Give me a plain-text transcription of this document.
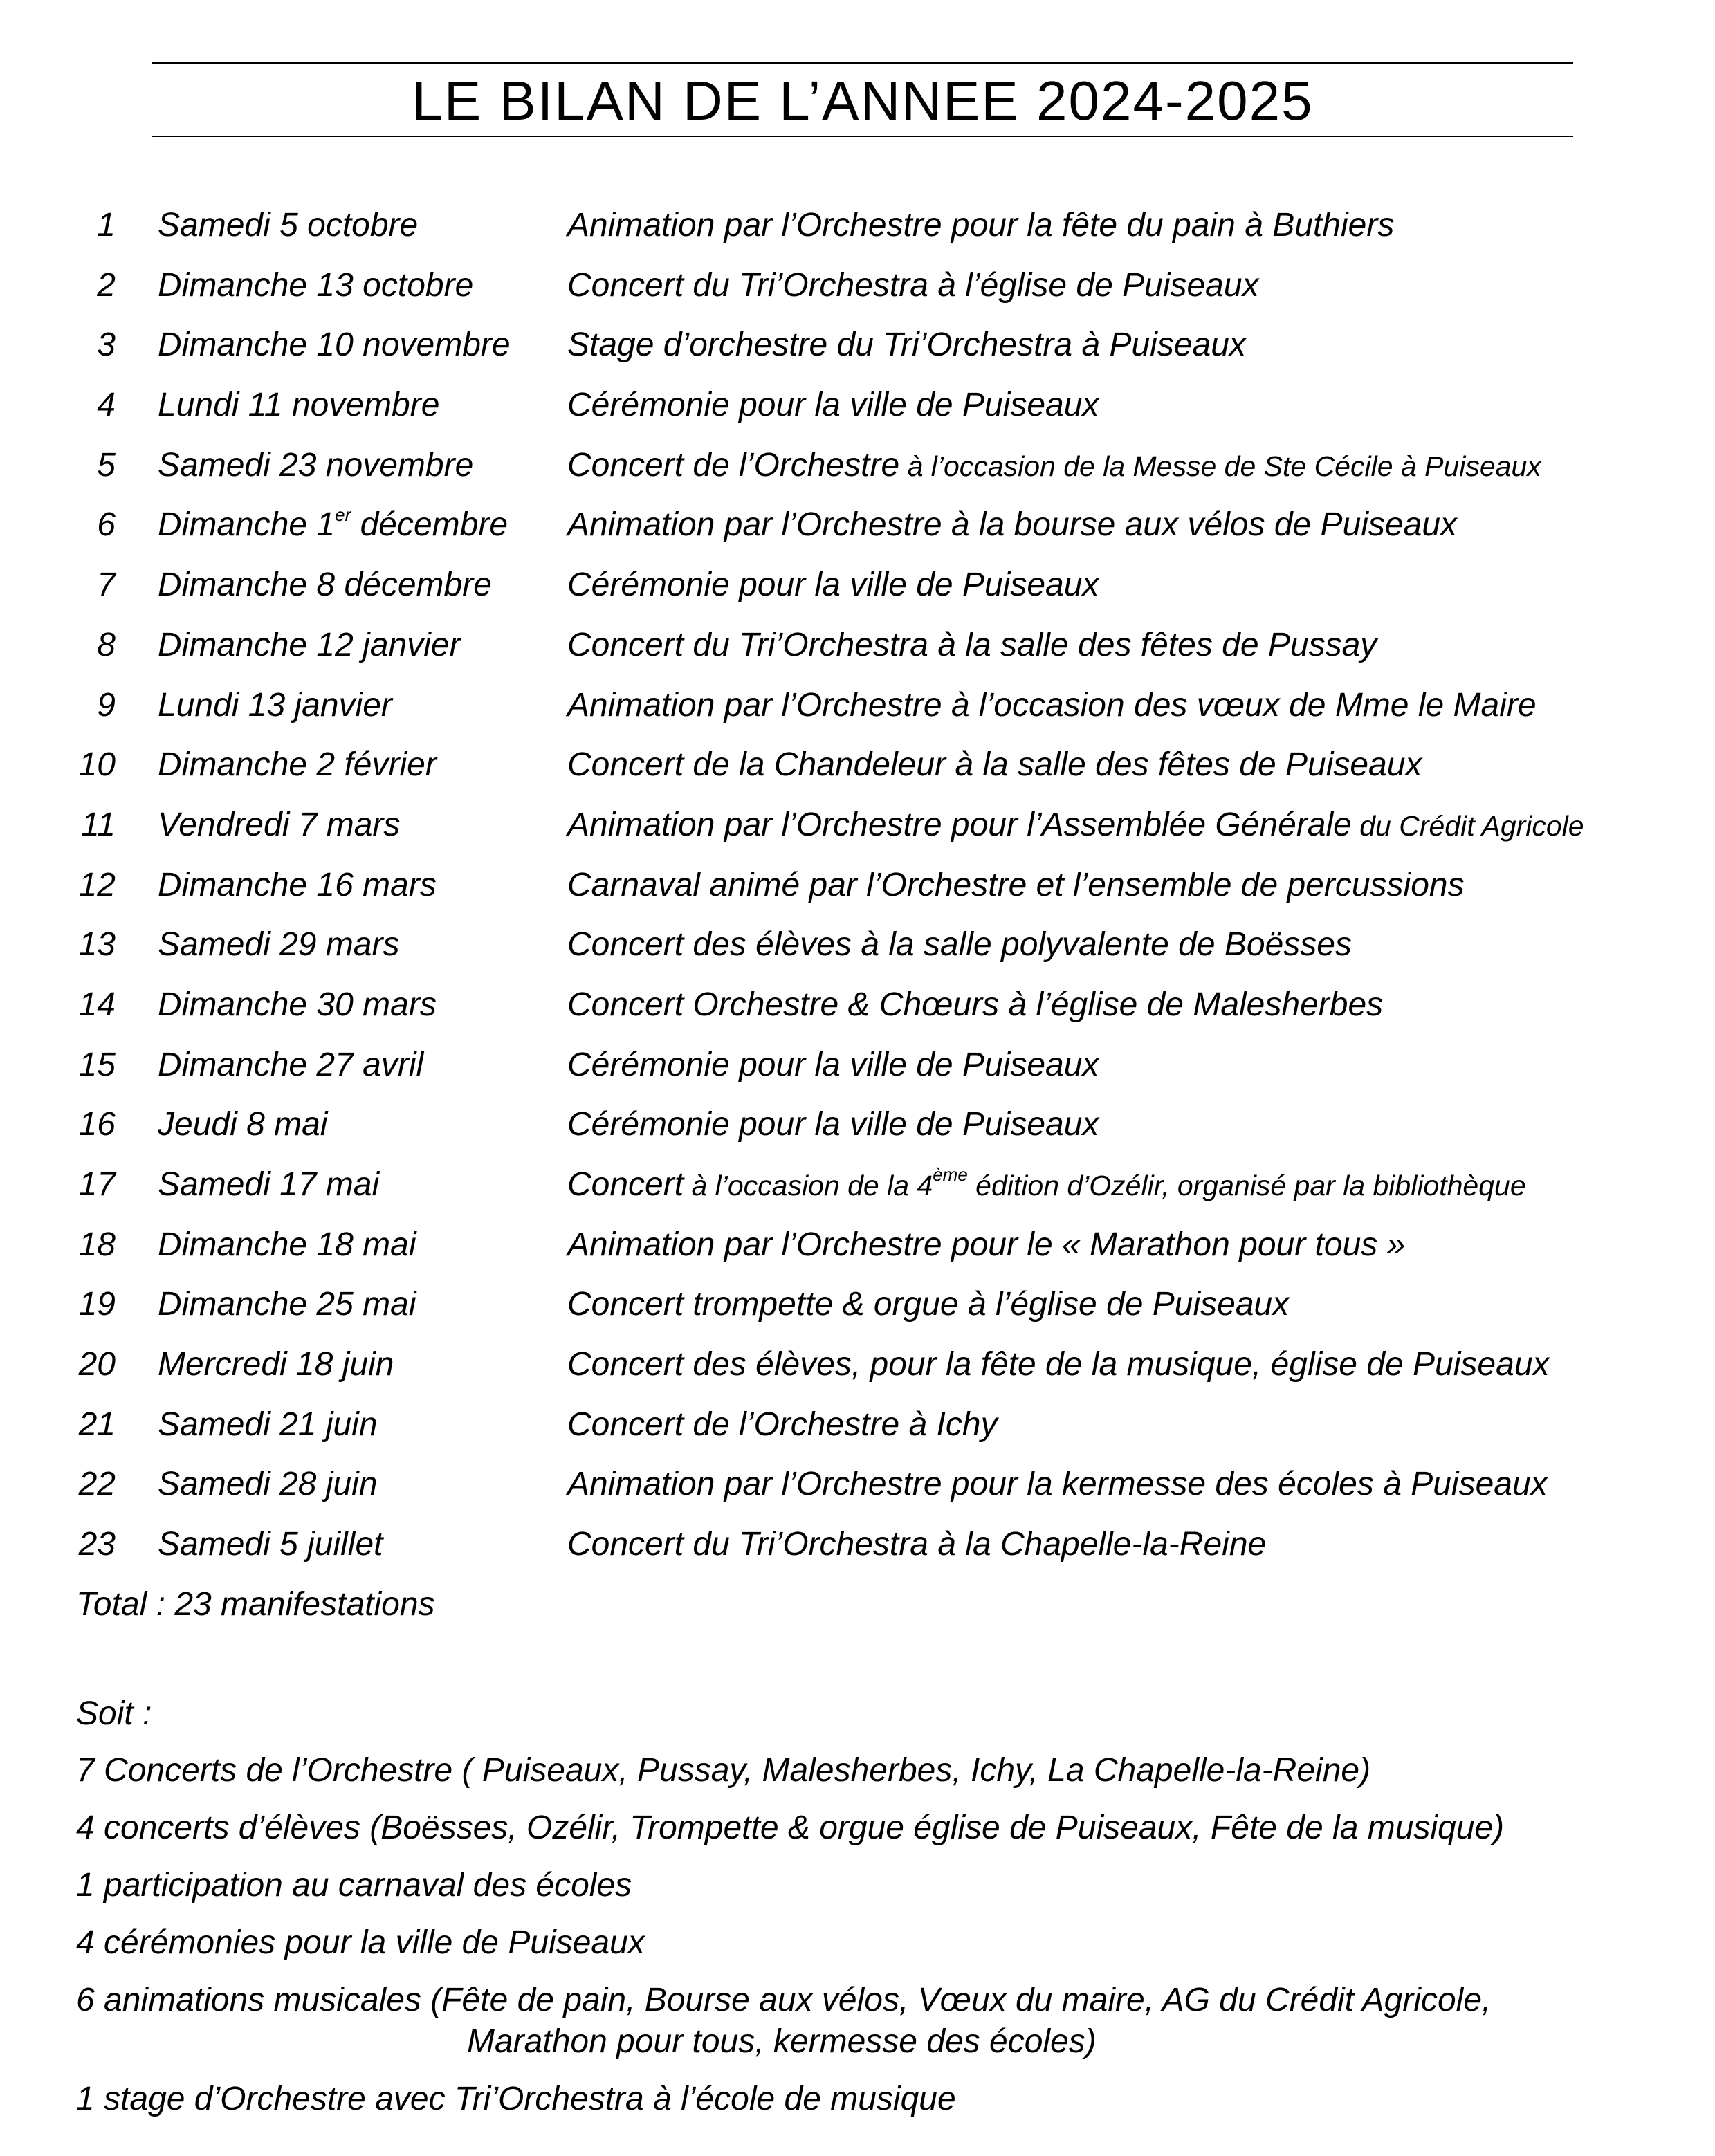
LE BILAN DE L’ANNEE 2024-2025
1 Samedi 5 octobre	Animation par l’Orchestre pour la fête du pain à Buthiers
2 Dimanche 13 octobre	Concert du Tri’Orchestra à l’église de Puiseaux
3 Dimanche 10 novembre Stage d’orchestre du Tri’Orchestra à Puiseaux
4 Lundi 11 novembre	Cérémonie pour la ville de Puiseaux
5 Samedi 23 novembre	Concert de l’Orchestre à l’occasion de la Messe de Ste Cécile à Puiseaux
6 Dimanche 1er décembre Animation par l’Orchestre à la bourse aux vélos de Puiseaux
7 Dimanche 8 décembre Cérémonie pour la ville de Puiseaux
8 Dimanche 12 janvier	Concert du Tri’Orchestra à la salle des fêtes de Pussay
9 Lundi 13 janvier	Animation par l’Orchestre à l’occasion des vœux de Mme le Maire
10 Dimanche 2 février	Concert de la Chandeleur à la salle des fêtes de Puiseaux
11 Vendredi 7 mars	Animation par l’Orchestre pour l’Assemblée Générale du Crédit Agricole
12 Dimanche 16 mars	Carnaval animé par l’Orchestre et l’ensemble de percussions
13 Samedi 29 mars	Concert des élèves à la salle polyvalente de Boësses
14 Dimanche 30 mars	Concert Orchestre & Chœurs à l’église de Malesherbes
15 Dimanche 27 avril	Cérémonie pour la ville de Puiseaux
16 Jeudi 8 mai	Cérémonie pour la ville de Puiseaux
17 Samedi 17 mai	Concert à l’occasion de la 4ème édition d’Ozélir, organisé par la bibliothèque
18 Dimanche 18 mai	Animation par l’Orchestre pour le « Marathon pour tous »
19 Dimanche 25 mai	Concert trompette & orgue à l’église de Puiseaux
20 Mercredi 18 juin	Concert des élèves, pour la fête de la musique, église de Puiseaux
21 Samedi 21 juin	Concert de l’Orchestre à Ichy
22 Samedi 28 juin	Animation par l’Orchestre pour la kermesse des écoles à Puiseaux
23 Samedi 5 juillet	Concert du Tri’Orchestra à la Chapelle-la-Reine
Total : 23 manifestations
Soit :
7 Concerts de l’Orchestre ( Puiseaux, Pussay, Malesherbes, Ichy, La Chapelle-la-Reine)
4 concerts d’élèves (Boësses, Ozélir, Trompette & orgue église de Puiseaux, Fête de la musique)
1 participation au carnaval des écoles
4 cérémonies pour la ville de Puiseaux
6 animations musicales (Fête de pain, Bourse aux vélos, Vœux du maire, AG du Crédit Agricole,
Marathon pour tous, kermesse des écoles)
1 stage d’Orchestre avec Tri’Orchestra à l’école de musique
